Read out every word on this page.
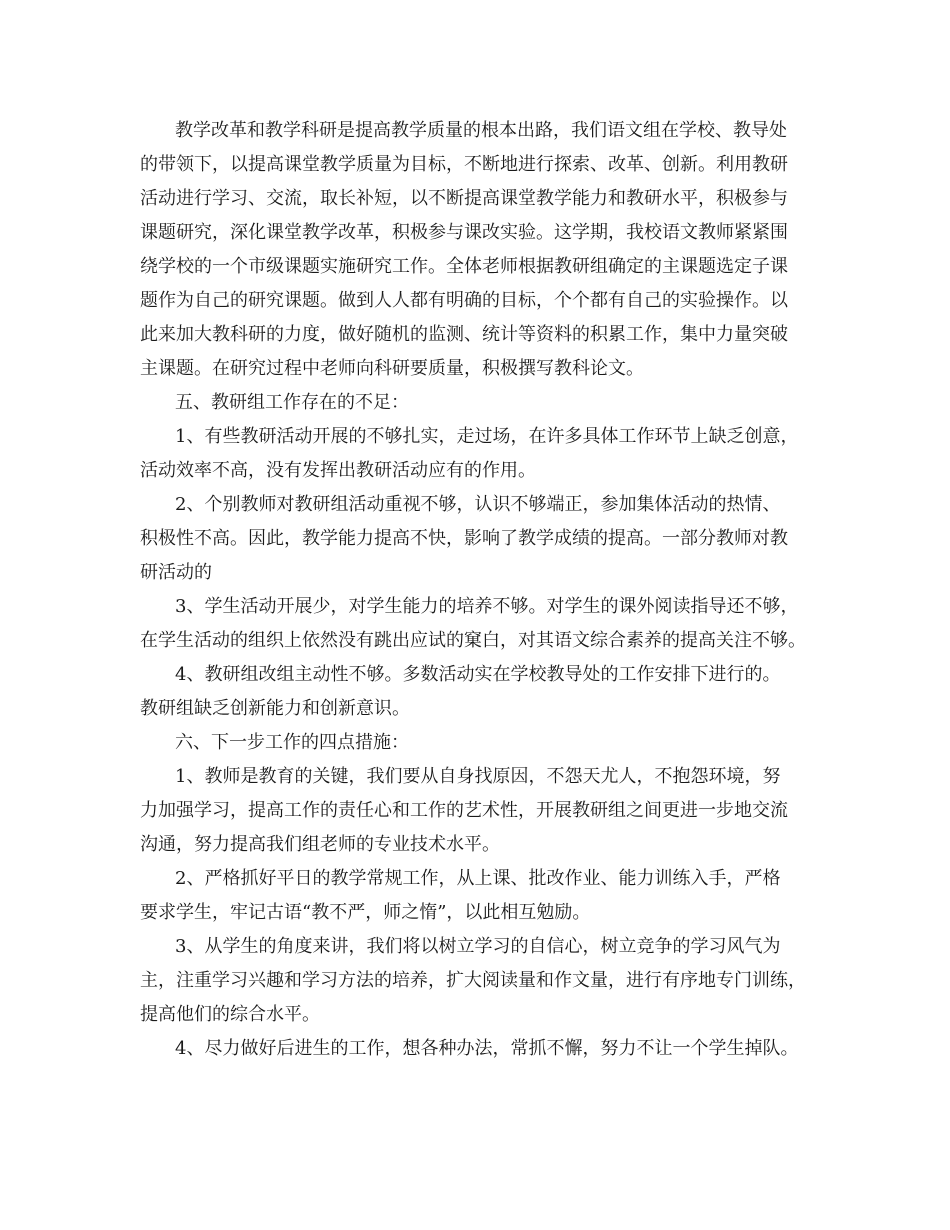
教学改革和教学科研是提高教学质量的根本出路，我们语文组在学校、教导处
的带领下，以提高课堂教学质量为目标，不断地进行探索、改革、创新。利用教研
活动进行学习、交流，取长补短，以不断提高课堂教学能力和教研水平，积极参与
课题研究，深化课堂教学改革，积极参与课改实验。这学期，我校语文教师紧紧围
绕学校的一个市级课题实施研究工作。全体老师根据教研组确定的主课题选定子课
题作为自己的研究课题。做到人人都有明确的目标，个个都有自己的实验操作。以
此来加大教科研的力度，做好随机的监测、统计等资料的积累工作，集中力量突破
主课题。在研究过程中老师向科研要质量，积极撰写教科论文。
五、教研组工作存在的不足：
1、有些教研活动开展的不够扎实，走过场，在许多具体工作环节上缺乏创意，
活动效率不高，没有发挥出教研活动应有的作用。
2、个别教师对教研组活动重视不够，认识不够端正，参加集体活动的热情、
积极性不高。因此，教学能力提高不快，影响了教学成绩的提高。一部分教师对教
研活动的
3、学生活动开展少，对学生能力的培养不够。对学生的课外阅读指导还不够，
在学生活动的组织上依然没有跳出应试的窠白，对其语文综合素养的提高关注不够。
4、教研组改组主动性不够。多数活动实在学校教导处的工作安排下进行的。
教研组缺乏创新能力和创新意识。
六、下一步工作的四点措施：
1、教师是教育的关键，我们要从自身找原因，不怨天尤人，不抱怨环境，努
力加强学习，提高工作的责任心和工作的艺术性，开展教研组之间更进一步地交流
沟通，努力提高我们组老师的专业技术水平。
2、严格抓好平日的教学常规工作，从上课、批改作业、能力训练入手，严格
要求学生，牢记古语“教不严，师之惰”，以此相互勉励。
3、从学生的角度来讲，我们将以树立学习的自信心，树立竞争的学习风气为
主，注重学习兴趣和学习方法的培养，扩大阅读量和作文量，进行有序地专门训练，
提高他们的综合水平。
4、尽力做好后进生的工作，想各种办法，常抓不懈，努力不让一个学生掉队。
